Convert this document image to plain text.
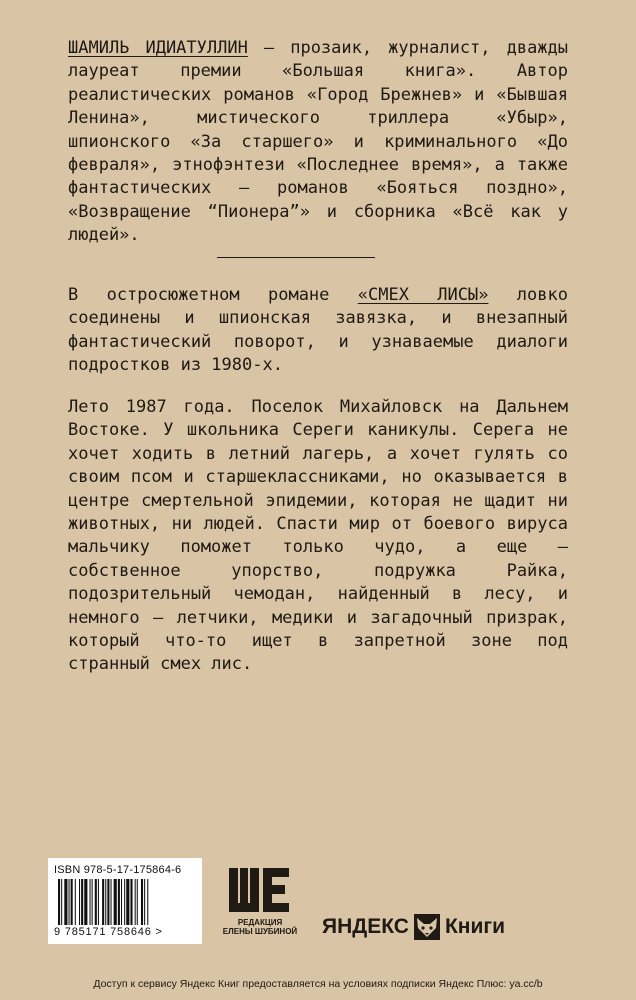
ШАМИЛЬ ИДИАТУЛЛИН — прозаик, журналист, дважды лауреат премии «Большая книга». Автор реалистических романов «Город Брежнев» и «Бывшая Ленина», мистического триллера «Убыр», шпионского «За старшего» и криминального «До февраля», этнофэнтези «Последнее время», а также фантастических — романов «Бояться поздно», «Возвращение “Пионера”» и сборника «Всё как у людей».

В остросюжетном романе «СМЕХ ЛИСЫ» ловко соединены и шпионская завязка, и внезапный фантастический поворот, и узнаваемые диалоги подростков из 1980-х.

Лето 1987 года. Поселок Михайловск на Дальнем Востоке. У школьника Сереги каникулы. Серега не хочет ходить в летний лагерь, а хочет гулять со своим псом и старшеклассниками, но оказывается в центре смертельной эпидемии, которая не щадит ни животных, ни людей. Спасти мир от боевого вируса мальчику поможет только чудо, а еще — собственное упорство, подружка Райка, подозрительный чемодан, найденный в лесу, и немного — летчики, медики и загадочный призрак, который что-то ищет в запретной зоне под странный смех лис.

ISBN 978-5-17-175864-6
9 785171 758646 >
РЕДАКЦИЯ
ЕЛЕНЫ ШУБИНОЙ ЯНДЕКС Книги
Доступ к сервису Яндекс Книг предоставляется на условиях подписки Яндекс Плюс: ya.cc/b
